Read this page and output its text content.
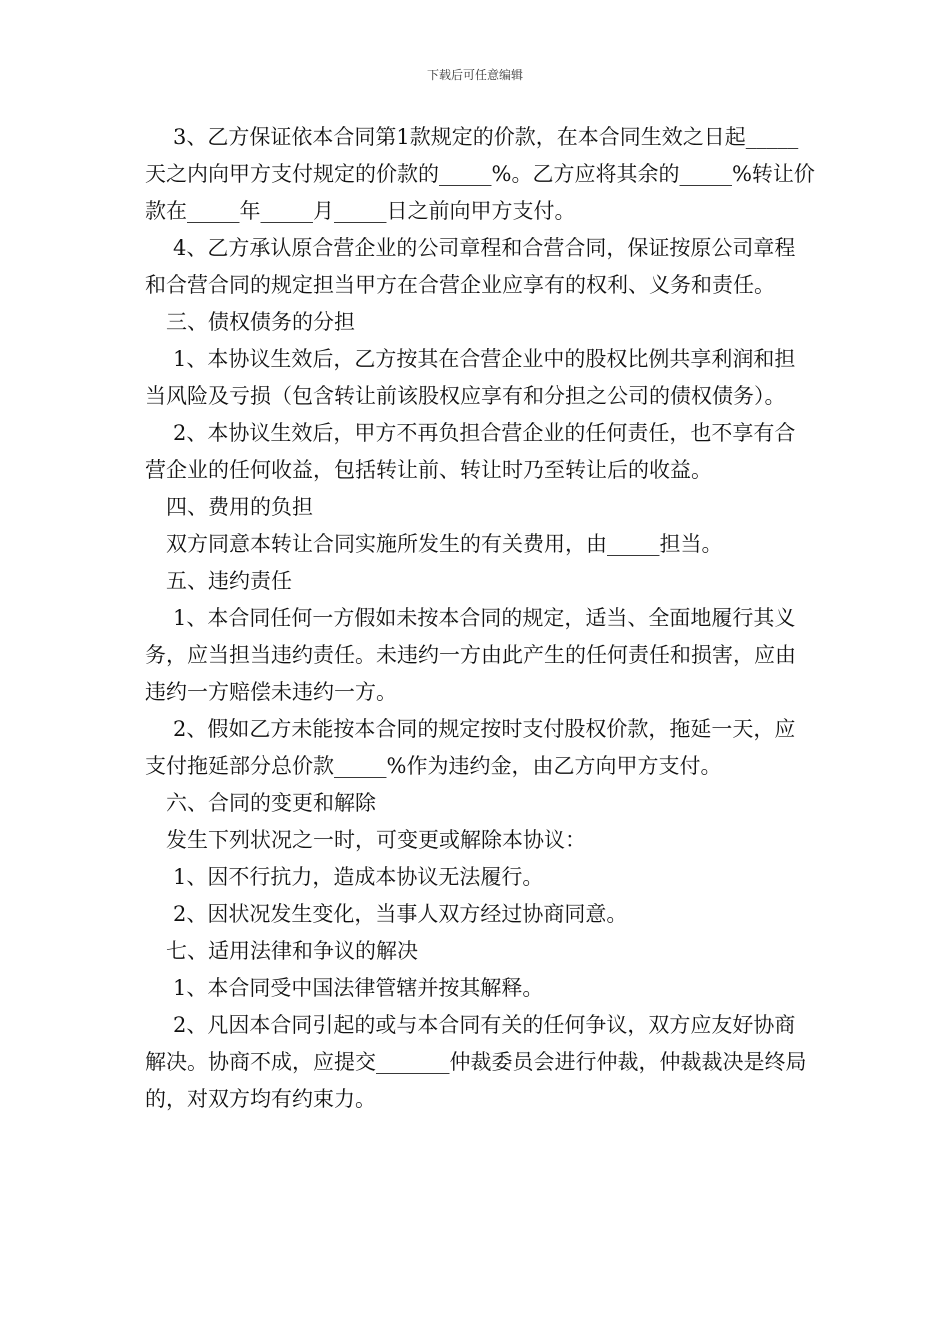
下载后可任意编辑

3、乙方保证依本合同第1款规定的价款，在本合同生效之日起_____天之内向甲方支付规定的价款的_____%。乙方应将其余的_____%转让价款在_____年_____月_____日之前向甲方支付。

4、乙方承认原合营企业的公司章程和合营合同，保证按原公司章程和合营合同的规定担当甲方在合营企业应享有的权利、义务和责任。

三、债权债务的分担

1、本协议生效后，乙方按其在合营企业中的股权比例共享利润和担当风险及亏损（包含转让前该股权应享有和分担之公司的债权债务）。

2、本协议生效后，甲方不再负担合营企业的任何责任，也不享有合营企业的任何收益，包括转让前、转让时乃至转让后的收益。

四、费用的负担

双方同意本转让合同实施所发生的有关费用，由_____担当。

五、违约责任

1、本合同任何一方假如未按本合同的规定，适当、全面地履行其义务，应当担当违约责任。未违约一方由此产生的任何责任和损害，应由违约一方赔偿未违约一方。

2、假如乙方未能按本合同的规定按时支付股权价款，拖延一天，应支付拖延部分总价款_____%作为违约金，由乙方向甲方支付。

六、合同的变更和解除

发生下列状况之一时，可变更或解除本协议：

1、因不行抗力，造成本协议无法履行。

2、因状况发生变化，当事人双方经过协商同意。

七、适用法律和争议的解决

1、本合同受中国法律管辖并按其解释。

2、凡因本合同引起的或与本合同有关的任何争议，双方应友好协商解决。协商不成，应提交_______仲裁委员会进行仲裁，仲裁裁决是终局的，对双方均有约束力。
